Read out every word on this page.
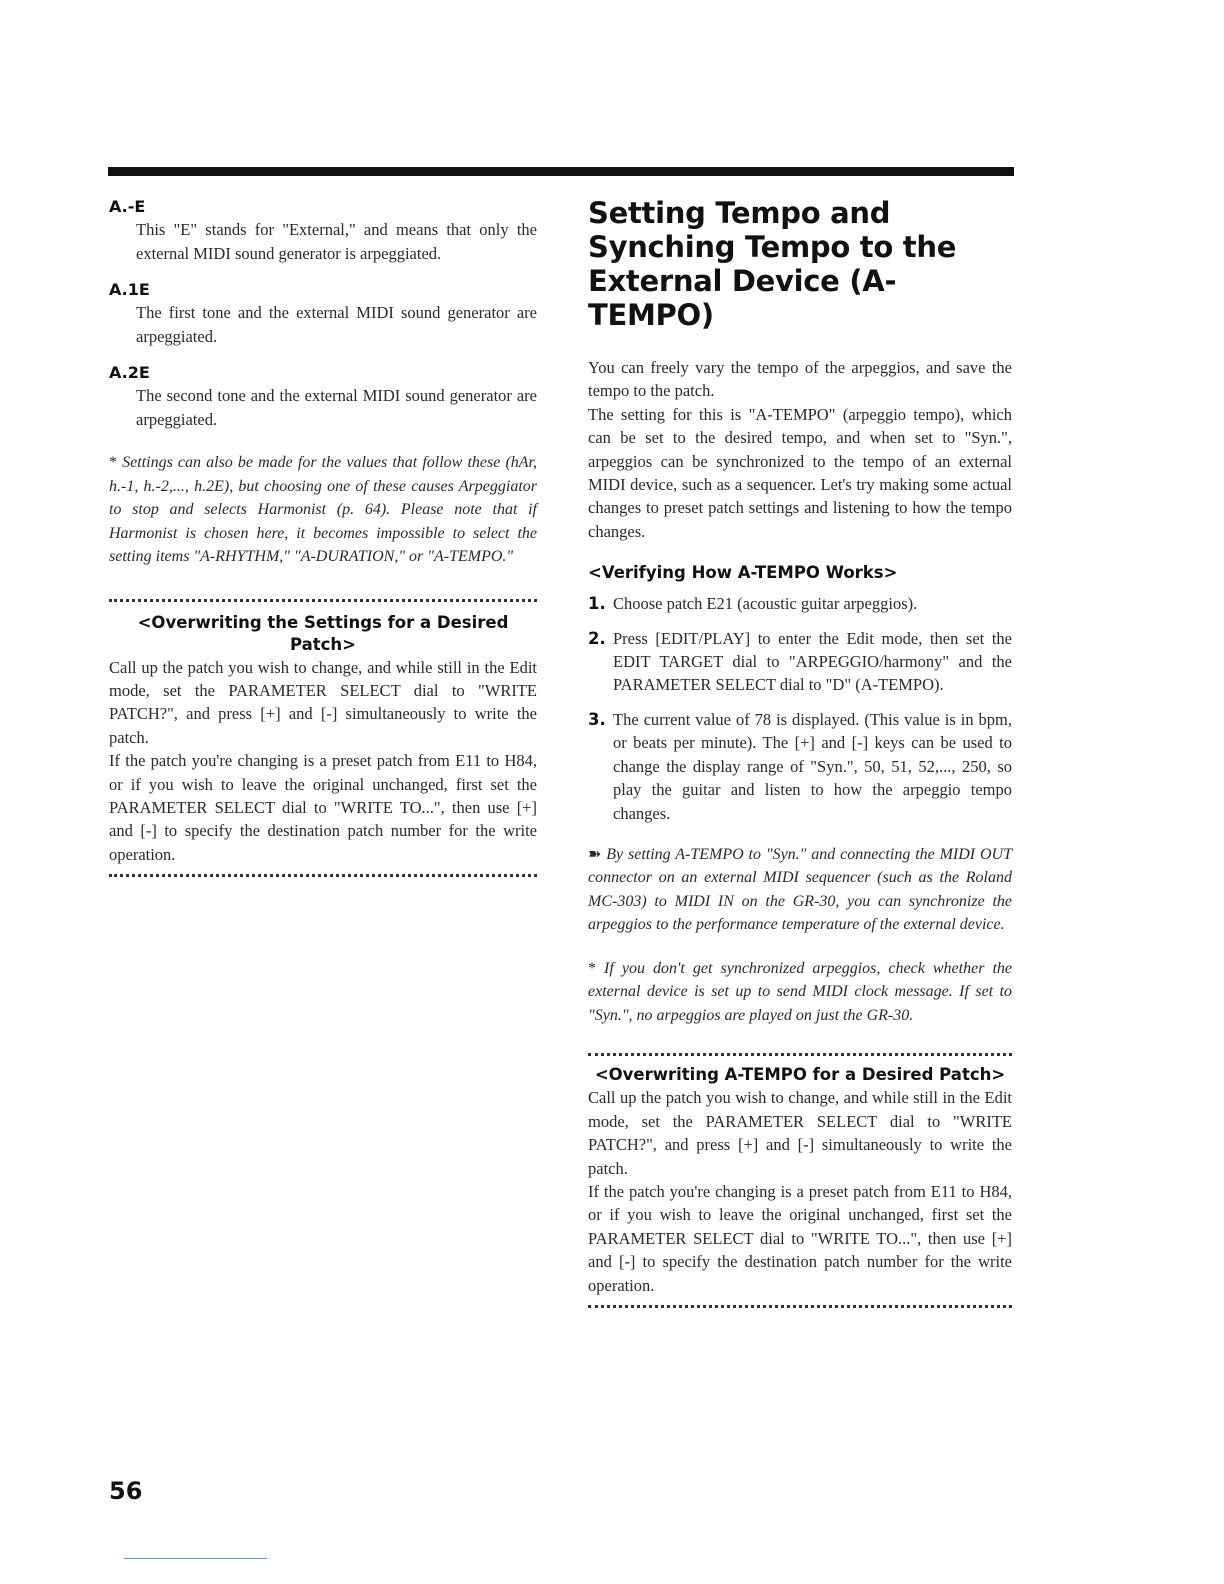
A.-E

This "E" stands for "External," and means that only the external MIDI sound generator is arpeggiated.

A.1E

The first tone and the external MIDI sound generator are arpeggiated.

A.2E

The second tone and the external MIDI sound generator are arpeggiated.

* Settings can also be made for the values that follow these (hAr, h.-1, h.-2,..., h.2E), but choosing one of these causes Arpeggiator to stop and selects Harmonist (p. 64). Please note that if Harmonist is chosen here, it becomes impossible to select the setting items "A-RHYTHM," "A-DURATION," or "A-TEMPO."

<Overwriting the Settings for a Desired Patch>

Call up the patch you wish to change, and while still in the Edit mode, set the PARAMETER SELECT dial to "WRITE PATCH?", and press [+] and [-] simultaneously to write the patch.

If the patch you're changing is a preset patch from E11 to H84, or if you wish to leave the original unchanged, first set the PARAMETER SELECT dial to "WRITE TO...", then use [+] and [-] to specify the destination patch number for the write operation.

Setting Tempo and Synching Tempo to the External Device (A-TEMPO)

You can freely vary the tempo of the arpeggios, and save the tempo to the patch.

The setting for this is "A-TEMPO" (arpeggio tempo), which can be set to the desired tempo, and when set to "Syn.", arpeggios can be synchronized to the tempo of an external MIDI device, such as a sequencer. Let's try making some actual changes to preset patch settings and listening to how the tempo changes.

<Verifying How A-TEMPO Works>

1. Choose patch E21 (acoustic guitar arpeggios).
2. Press [EDIT/PLAY] to enter the Edit mode, then set the EDIT TARGET dial to "ARPEGGIO/harmony" and the PARAMETER SELECT dial to "D" (A-TEMPO).
3. The current value of 78 is displayed. (This value is in bpm, or beats per minute). The [+] and [-] keys can be used to change the display range of "Syn.", 50, 51, 52,..., 250, so play the guitar and listen to how the arpeggio tempo changes.

➽ By setting A-TEMPO to "Syn." and connecting the MIDI OUT connector on an external MIDI sequencer (such as the Roland MC-303) to MIDI IN on the GR-30, you can synchronize the arpeggios to the performance temperature of the external device.

* If you don't get synchronized arpeggios, check whether the external device is set up to send MIDI clock message. If set to "Syn.", no arpeggios are played on just the GR-30.

<Overwriting A-TEMPO for a Desired Patch>

Call up the patch you wish to change, and while still in the Edit mode, set the PARAMETER SELECT dial to "WRITE PATCH?", and press [+] and [-] simultaneously to write the patch.

If the patch you're changing is a preset patch from E11 to H84, or if you wish to leave the original unchanged, first set the PARAMETER SELECT dial to "WRITE TO...", then use [+] and [-] to specify the destination patch number for the write operation.

56
